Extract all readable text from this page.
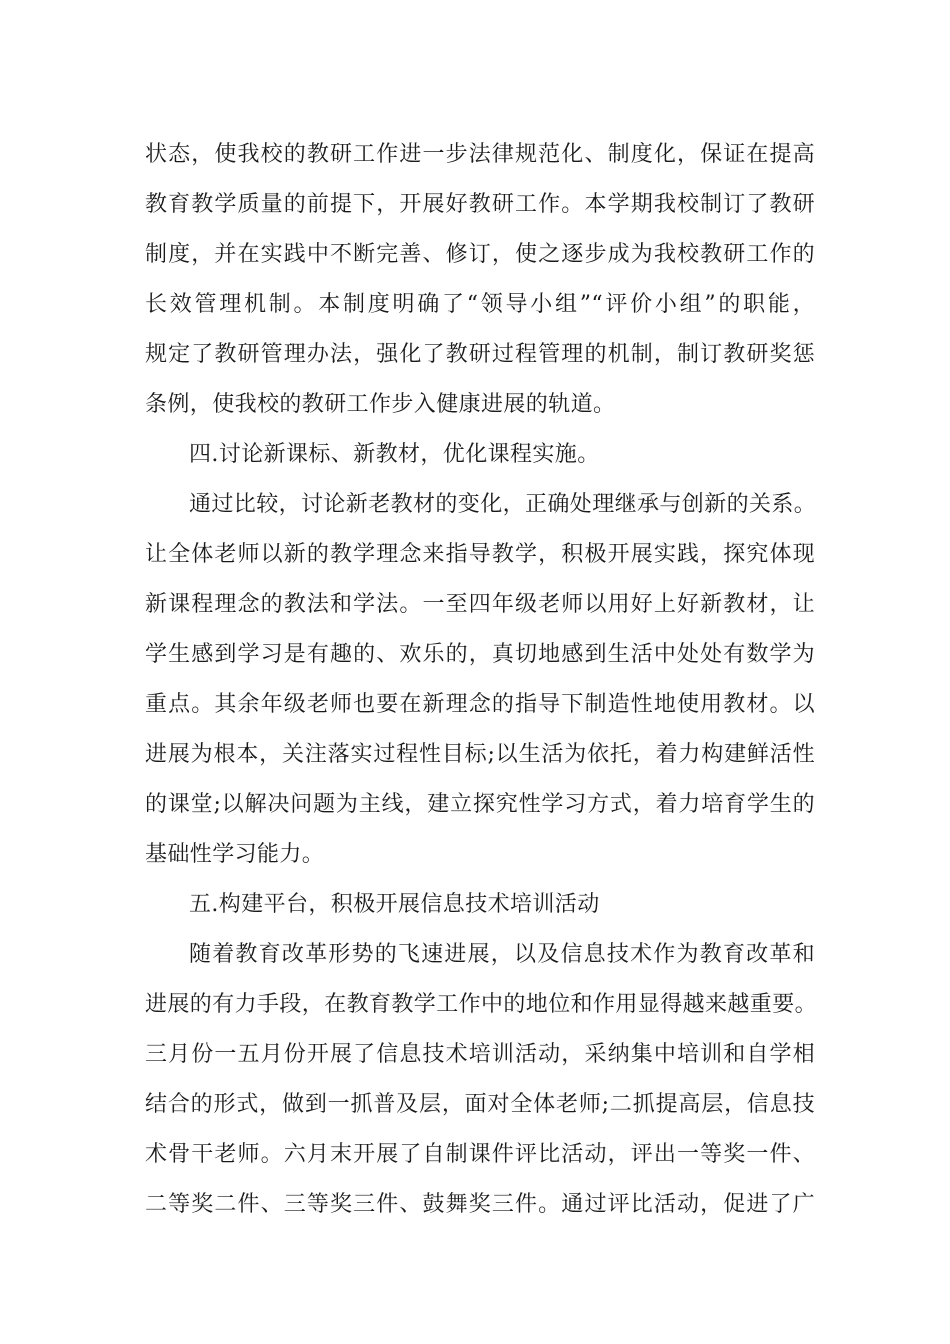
状态，使我校的教研工作进一步法律规范化、制度化，保证在提高
教育教学质量的前提下，开展好教研工作。本学期我校制订了教研
制度，并在实践中不断完善、修订，使之逐步成为我校教研工作的
长效管理机制。本制度明确了“领导小组”“评价小组”的职能，
规定了教研管理办法，强化了教研过程管理的机制，制订教研奖惩
条例，使我校的教研工作步入健康进展的轨道。
四.讨论新课标、新教材，优化课程实施。
通过比较，讨论新老教材的变化，正确处理继承与创新的关系。
让全体老师以新的教学理念来指导教学，积极开展实践，探究体现
新课程理念的教法和学法。一至四年级老师以用好上好新教材，让
学生感到学习是有趣的、欢乐的，真切地感到生活中处处有数学为
重点。其余年级老师也要在新理念的指导下制造性地使用教材。以
进展为根本，关注落实过程性目标;以生活为依托，着力构建鲜活性
的课堂;以解决问题为主线，建立探究性学习方式，着力培育学生的
基础性学习能力。
五.构建平台，积极开展信息技术培训活动
随着教育改革形势的飞速进展，以及信息技术作为教育改革和
进展的有力手段，在教育教学工作中的地位和作用显得越来越重要。
三月份一五月份开展了信息技术培训活动，采纳集中培训和自学相
结合的形式，做到一抓普及层，面对全体老师;二抓提高层，信息技
术骨干老师。六月末开展了自制课件评比活动，评出一等奖一件、
二等奖二件、三等奖三件、鼓舞奖三件。通过评比活动，促进了广
